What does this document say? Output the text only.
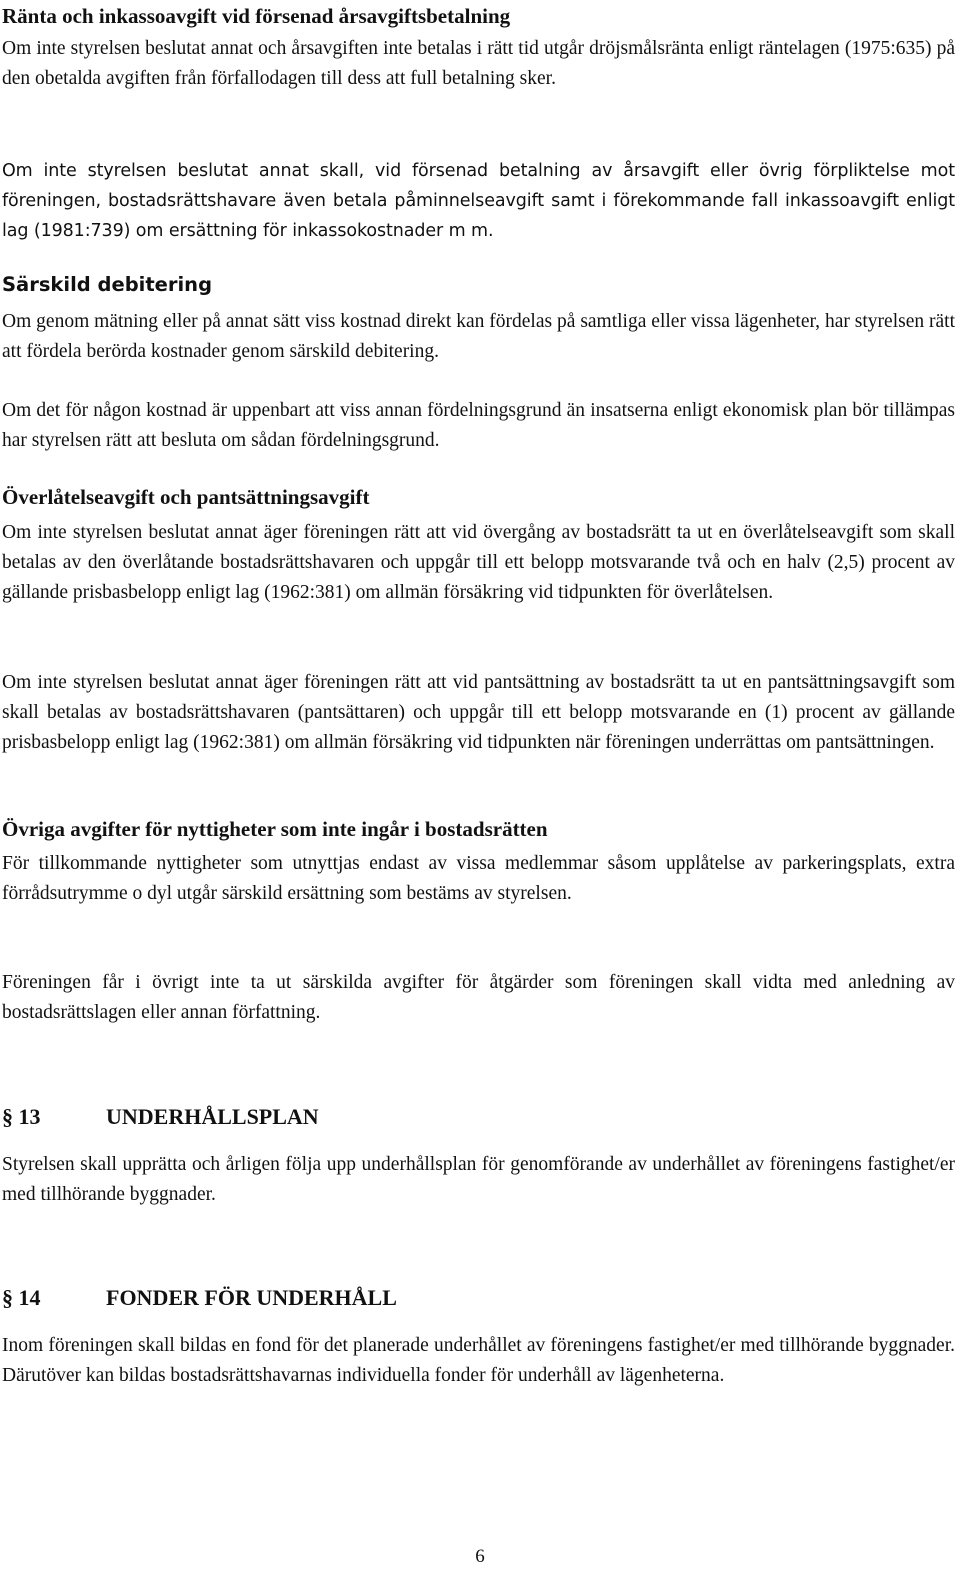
Ränta och inkassoavgift vid försenad årsavgiftsbetalning

Om inte styrelsen beslutat annat och årsavgiften inte betalas i rätt tid utgår dröjsmålsränta enligt räntelagen (1975:635) på den obetalda avgiften från förfallodagen till dess att full betalning sker.

Om inte styrelsen beslutat annat skall, vid försenad betalning av årsavgift eller övrig förpliktelse mot föreningen, bostadsrättshavare även betala påminnelseavgift samt i förekommande fall inkassoavgift enligt lag (1981:739) om ersättning för inkassokostnader m m.

Särskild debitering

Om genom mätning eller på annat sätt viss kostnad direkt kan fördelas på samtliga eller vissa lägenheter, har styrelsen rätt att fördela berörda kostnader genom särskild debitering.

Om det för någon kostnad är uppenbart att viss annan fördelningsgrund än insatserna enligt ekonomisk plan bör tillämpas har styrelsen rätt att besluta om sådan fördelningsgrund.

Överlåtelseavgift och pantsättningsavgift

Om inte styrelsen beslutat annat äger föreningen rätt att vid övergång av bostadsrätt ta ut en överlåtelseavgift som skall betalas av den överlåtande bostadsrättshavaren och uppgår till ett belopp motsvarande två och en halv (2,5) procent av gällande prisbasbelopp enligt lag (1962:381) om allmän försäkring vid tidpunkten för överlåtelsen.

Om inte styrelsen beslutat annat äger föreningen rätt att vid pantsättning av bostadsrätt ta ut en pantsättningsavgift som skall betalas av bostadsrättshavaren (pantsättaren) och uppgår till ett belopp motsvarande en (1) procent av gällande prisbasbelopp enligt lag (1962:381) om allmän försäkring vid tidpunkten när föreningen underrättas om pantsättningen.

Övriga avgifter för nyttigheter som inte ingår i bostadsrätten

För tillkommande nyttigheter som utnyttjas endast av vissa medlemmar såsom upplåtelse av parkeringsplats, extra förrådsutrymme o dyl utgår särskild ersättning som bestäms av styrelsen.

Föreningen får i övrigt inte ta ut särskilda avgifter för åtgärder som föreningen skall vidta med anledning av bostadsrättslagen eller annan författning.

§ 13	UNDERHÅLLSPLAN

Styrelsen skall upprätta och årligen följa upp underhållsplan för genomförande av underhållet av föreningens fastighet/er med tillhörande byggnader.

§ 14	FONDER FÖR UNDERHÅLL

Inom föreningen skall bildas en fond för det planerade underhållet av föreningens fastighet/er med tillhörande byggnader. Därutöver kan bildas bostadsrättshavarnas individuella fonder för underhåll av lägenheterna.

6
